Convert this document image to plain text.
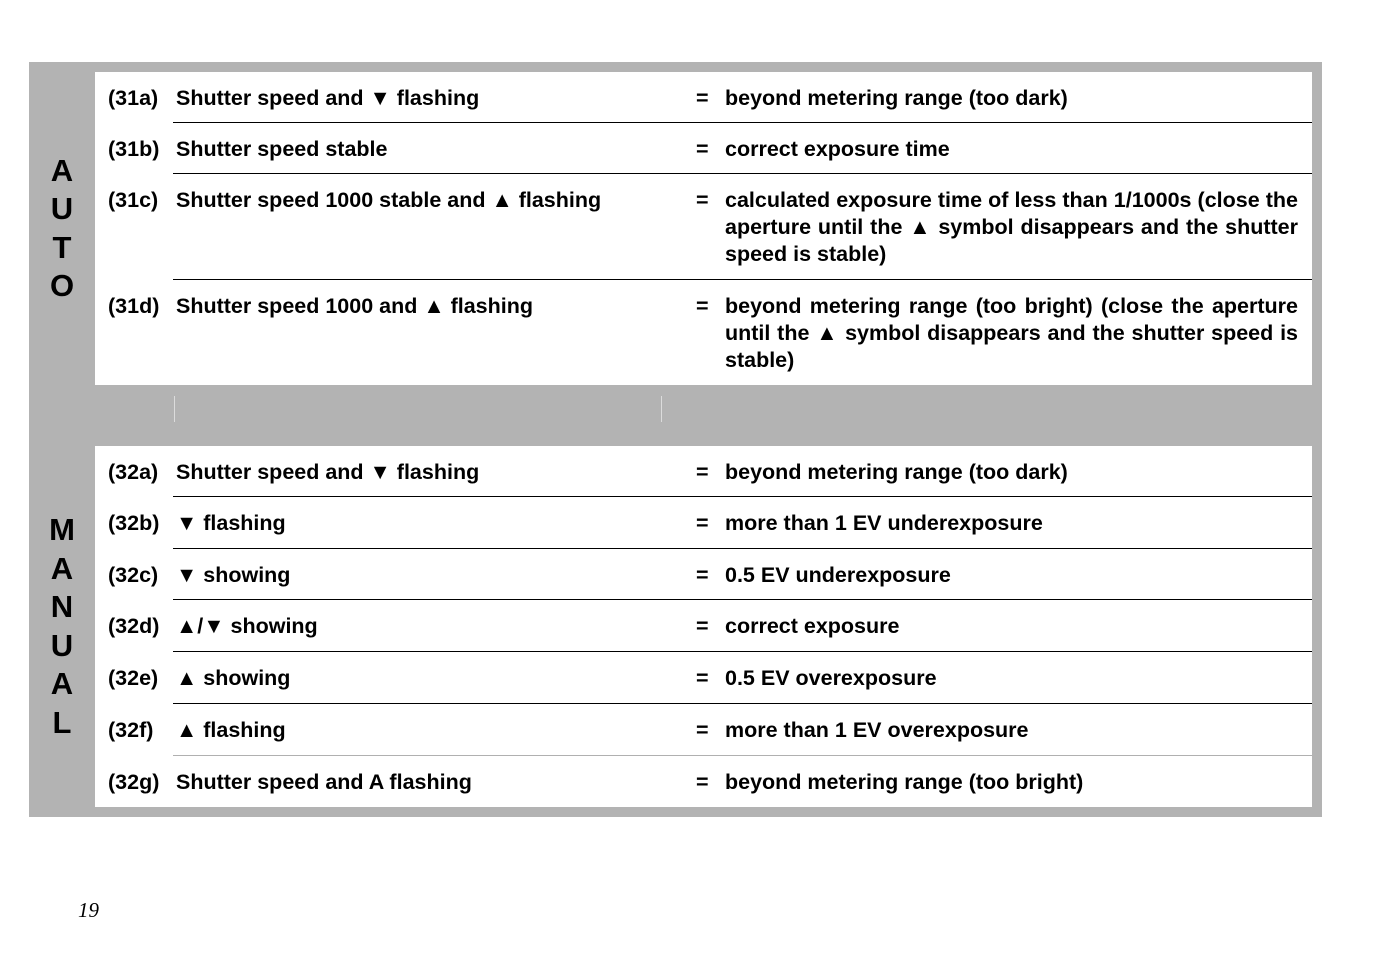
A
U
T
O
(31a) Shutter speed and ▼ flashing	= beyond metering range (too dark)
(31b) Shutter speed stable	= correct exposure time
(31c) Shutter speed 1000 stable and ▲ flashing	= calculated exposure time of less than 1/1000s (close the aperture until the ▲ symbol disappears and the shutter speed is stable)
(31d) Shutter speed 1000 and ▲ flashing	= beyond metering range (too bright) (close the aperture until the ▲ symbol disappears and the shutter speed is stable)
M
A
N
U
A
L
(32a) Shutter speed and ▼ flashing	= beyond metering range (too dark)
(32b) ▼ flashing	= more than 1 EV underexposure
(32c) ▼ showing	= 0.5 EV underexposure
(32d) ▲/▼ showing	= correct exposure
(32e) ▲ showing	= 0.5 EV overexposure
(32f) ▲ flashing	= more than 1 EV overexposure
(32g) Shutter speed and A flashing	= beyond metering range (too bright)
19
